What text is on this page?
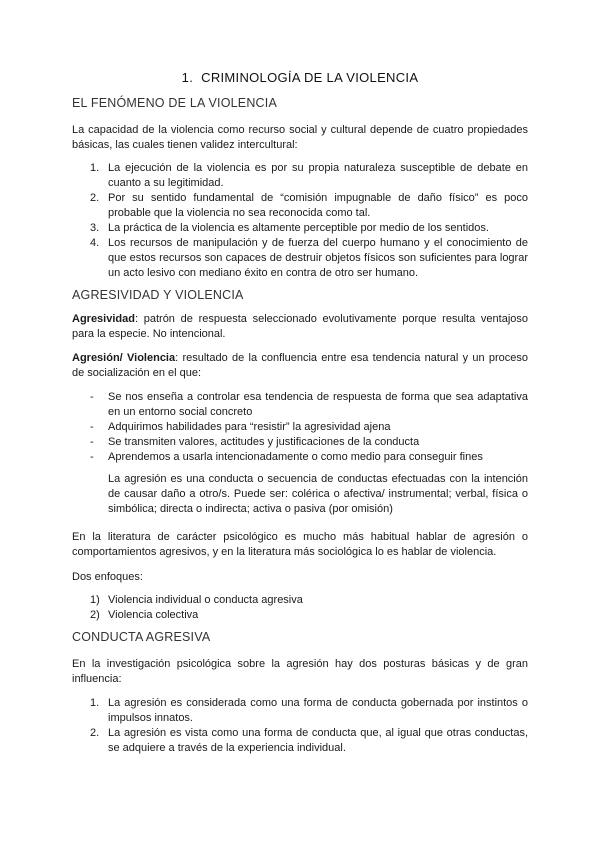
1. CRIMINOLOGÍA DE LA VIOLENCIA
EL FENÓMENO DE LA VIOLENCIA

La capacidad de la violencia como recurso social y cultural depende de cuatro propiedades básicas, las cuales tienen validez intercultural:

1. La ejecución de la violencia es por su propia naturaleza susceptible de debate en cuanto a su legitimidad.
2. Por su sentido fundamental de “comisión impugnable de daño físico” es poco probable que la violencia no sea reconocida como tal.
3. La práctica de la violencia es altamente perceptible por medio de los sentidos.
4. Los recursos de manipulación y de fuerza del cuerpo humano y el conocimiento de que estos recursos son capaces de destruir objetos físicos son suficientes para lograr un acto lesivo con mediano éxito en contra de otro ser humano.
AGRESIVIDAD Y VIOLENCIA

Agresividad: patrón de respuesta seleccionado evolutivamente porque resulta ventajoso para la especie. No intencional.

Agresión/ Violencia: resultado de la confluencia entre esa tendencia natural y un proceso de socialización en el que:

- Se nos enseña a controlar esa tendencia de respuesta de forma que sea adaptativa en un entorno social concreto
- Adquirimos habilidades para “resistir” la agresividad ajena
- Se transmiten valores, actitudes y justificaciones de la conducta
- Aprendemos a usarla intencionadamente o como medio para conseguir fines

La agresión es una conducta o secuencia de conductas efectuadas con la intención de causar daño a otro/s. Puede ser: colérica o afectiva/ instrumental; verbal, física o simbólica; directa o indirecta; activa o pasiva (por omisión)

En la literatura de carácter psicológico es mucho más habitual hablar de agresión o comportamientos agresivos, y en la literatura más sociológica lo es hablar de violencia.

Dos enfoques:

1) Violencia individual o conducta agresiva
2) Violencia colectiva
CONDUCTA AGRESIVA

En la investigación psicológica sobre la agresión hay dos posturas básicas y de gran influencia:

1. La agresión es considerada como una forma de conducta gobernada por instintos o impulsos innatos.
2. La agresión es vista como una forma de conducta que, al igual que otras conductas, se adquiere a través de la experiencia individual.
